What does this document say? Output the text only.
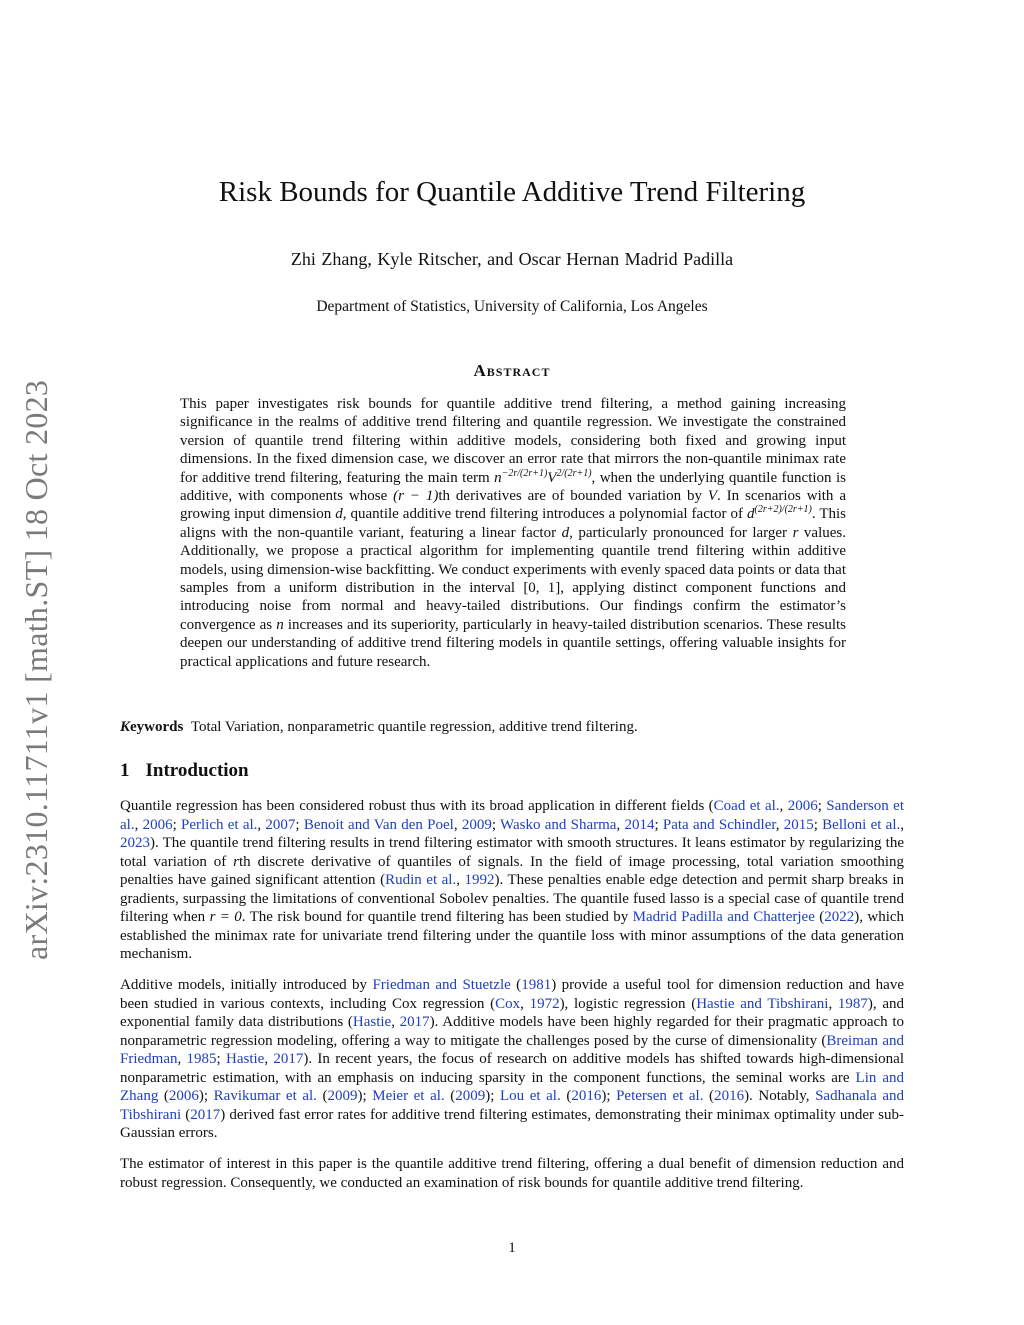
arXiv:2310.11711v1 [math.ST] 18 Oct 2023
Risk Bounds for Quantile Additive Trend Filtering
Zhi Zhang, Kyle Ritscher, and Oscar Hernan Madrid Padilla
Department of Statistics, University of California, Los Angeles
Abstract
This paper investigates risk bounds for quantile additive trend filtering, a method gaining increasing significance in the realms of additive trend filtering and quantile regression. We investigate the constrained version of quantile trend filtering within additive models, considering both fixed and growing input dimensions. In the fixed dimension case, we discover an error rate that mirrors the non-quantile minimax rate for additive trend filtering, featuring the main term $n^{-2r/(2r+1)}V^{2/(2r+1)}$, when the underlying quantile function is additive, with components whose (r − 1)th derivatives are of bounded variation by V. In scenarios with a growing input dimension d, quantile additive trend filtering introduces a polynomial factor of $d^{(2r+2)/(2r+1)}$. This aligns with the non-quantile variant, featuring a linear factor d, particularly pronounced for larger r values. Additionally, we propose a practical algorithm for implementing quantile trend filtering within additive models, using dimension-wise backfitting. We conduct experiments with evenly spaced data points or data that samples from a uniform distribution in the interval [0, 1], applying distinct component functions and introducing noise from normal and heavy-tailed distributions. Our findings confirm the estimator’s convergence as n increases and its superiority, particularly in heavy-tailed distribution scenarios. These results deepen our understanding of additive trend filtering models in quantile settings, offering valuable insights for practical applications and future research.
Keywords Total Variation, nonparametric quantile regression, additive trend filtering.
1 Introduction
Quantile regression has been considered robust thus with its broad application in different fields (Coad et al., 2006; Sanderson et al., 2006; Perlich et al., 2007; Benoit and Van den Poel, 2009; Wasko and Sharma, 2014; Pata and Schindler, 2015; Belloni et al., 2023). The quantile trend filtering results in trend filtering estimator with smooth structures. It leans estimator by regularizing the total variation of rth discrete derivative of quantiles of signals. In the field of image processing, total variation smoothing penalties have gained significant attention (Rudin et al., 1992). These penalties enable edge detection and permit sharp breaks in gradients, surpassing the limitations of conventional Sobolev penalties. The quantile fused lasso is a special case of quantile trend filtering when r = 0. The risk bound for quantile trend filtering has been studied by Madrid Padilla and Chatterjee (2022), which established the minimax rate for univariate trend filtering under the quantile loss with minor assumptions of the data generation mechanism.
Additive models, initially introduced by Friedman and Stuetzle (1981) provide a useful tool for dimension reduction and have been studied in various contexts, including Cox regression (Cox, 1972), logistic regression (Hastie and Tibshirani, 1987), and exponential family data distributions (Hastie, 2017). Additive models have been highly regarded for their pragmatic approach to nonparametric regression modeling, offering a way to mitigate the challenges posed by the curse of dimensionality (Breiman and Friedman, 1985; Hastie, 2017). In recent years, the focus of research on additive models has shifted towards high-dimensional nonparametric estimation, with an emphasis on inducing sparsity in the component functions, the seminal works are Lin and Zhang (2006); Ravikumar et al. (2009); Meier et al. (2009); Lou et al. (2016); Petersen et al. (2016). Notably, Sadhanala and Tibshirani (2017) derived fast error rates for additive trend filtering estimates, demonstrating their minimax optimality under sub-Gaussian errors.
The estimator of interest in this paper is the quantile additive trend filtering, offering a dual benefit of dimension reduction and robust regression. Consequently, we conducted an examination of risk bounds for quantile additive trend filtering.
1
